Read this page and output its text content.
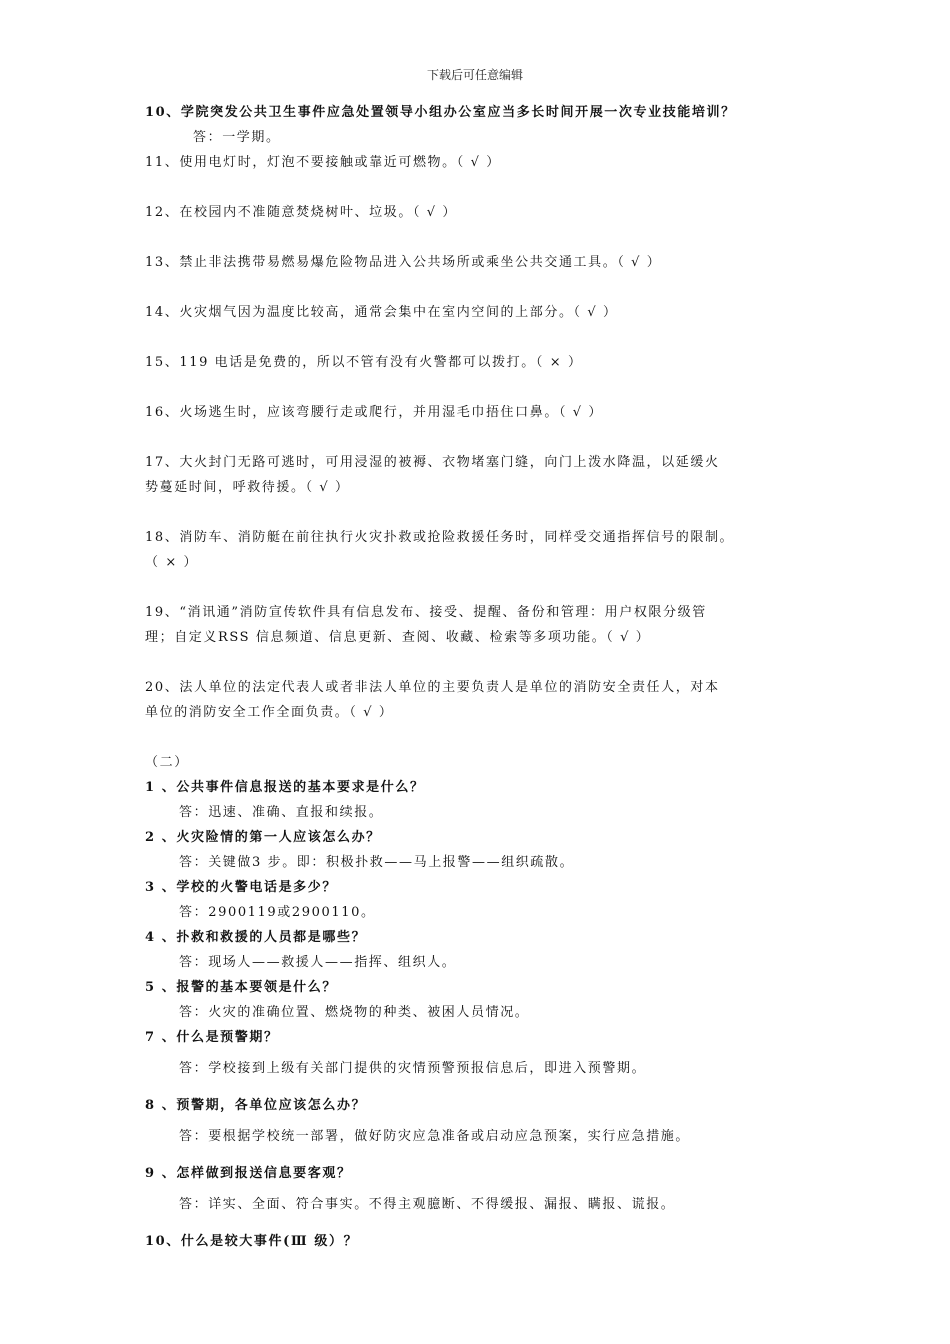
下载后可任意编辑
10、学院突发公共卫生事件应急处置领导小组办公室应当多长时间开展一次专业技能培训？
答：一学期。
11、使用电灯时，灯泡不要接触或靠近可燃物。（ √ ）
12、在校园内不准随意焚烧树叶、垃圾。（ √ ）
13、禁止非法携带易燃易爆危险物品进入公共场所或乘坐公共交通工具。（ √ ）
14、火灾烟气因为温度比较高，通常会集中在室内空间的上部分。（ √ ）
15、119 电话是免费的，所以不管有没有火警都可以拨打。（ × ）
16、火场逃生时，应该弯腰行走或爬行，并用湿毛巾捂住口鼻。（ √ ）
17、大火封门无路可逃时，可用浸湿的被褥、衣物堵塞门缝，向门上泼水降温，以延缓火
势蔓延时间，呼救待援。（ √ ）
18、消防车、消防艇在前往执行火灾扑救或抢险救援任务时，同样受交通指挥信号的限制。
（ × ）
19、“消讯通”消防宣传软件具有信息发布、接受、提醒、备份和管理：用户权限分级管
理；自定义RSS 信息频道、信息更新、查阅、收藏、检索等多项功能。（ √ ）
20、法人单位的法定代表人或者非法人单位的主要负责人是单位的消防安全责任人，对本
单位的消防安全工作全面负责。（ √ ）
（二）
1 、公共事件信息报送的基本要求是什么？
答：迅速、准确、直报和续报。
2 、火灾险情的第一人应该怎么办？
答：关键做3 步。即：积极扑救——马上报警——组织疏散。
3 、学校的火警电话是多少？
答：2900119或2900110。
4 、扑救和救援的人员都是哪些？
答：现场人——救援人——指挥、组织人。
5 、报警的基本要领是什么？
答：火灾的准确位置、燃烧物的种类、被困人员情况。
7 、什么是预警期？
答：学校接到上级有关部门提供的灾情预警预报信息后，即进入预警期。
8 、预警期，各单位应该怎么办？
答：要根据学校统一部署，做好防灾应急准备或启动应急预案，实行应急措施。
9 、怎样做到报送信息要客观？
答：详实、全面、符合事实。不得主观臆断、不得缓报、漏报、瞒报、谎报。
10、什么是较大事件(Ⅲ 级）？
